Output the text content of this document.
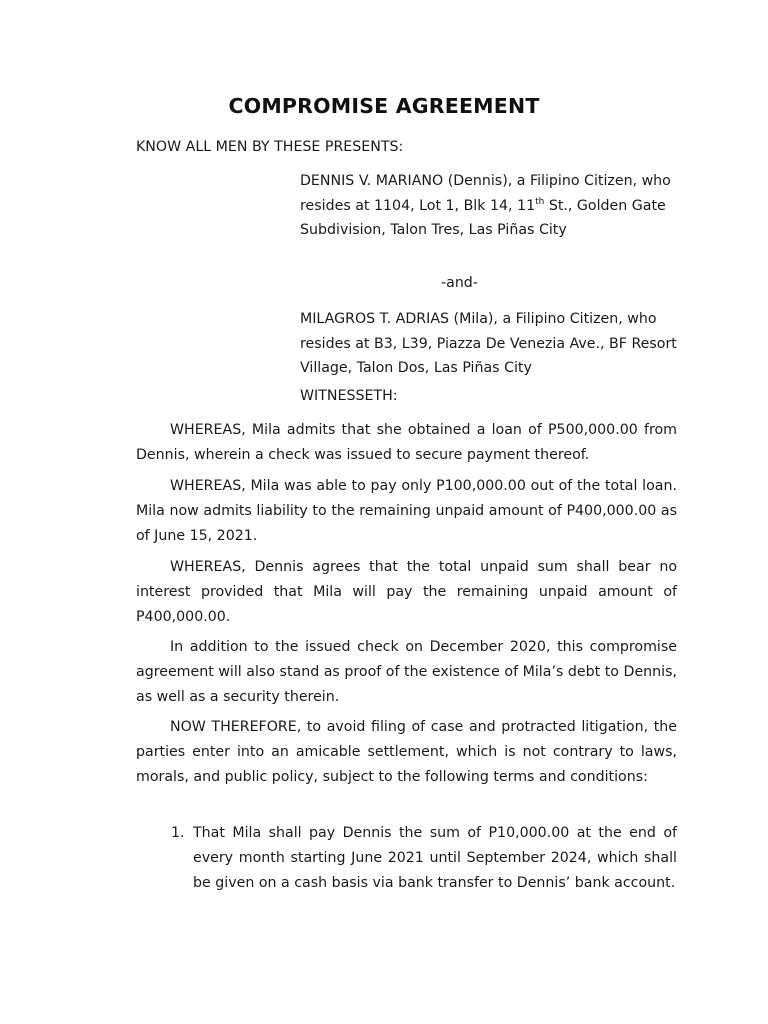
COMPROMISE AGREEMENT

KNOW ALL MEN BY THESE PRESENTS:

DENNIS V. MARIANO (Dennis), a Filipino Citizen, who resides at 1104, Lot 1, Blk 14, 11th St., Golden Gate Subdivision, Talon Tres, Las Piñas City

-and-

MILAGROS T. ADRIAS (Mila), a Filipino Citizen, who resides at B3, L39, Piazza De Venezia Ave., BF Resort Village, Talon Dos, Las Piñas City

WITNESSETH:

WHEREAS, Mila admits that she obtained a loan of P500,000.00 from Dennis, wherein a check was issued to secure payment thereof.

WHEREAS, Mila was able to pay only P100,000.00 out of the total loan. Mila now admits liability to the remaining unpaid amount of P400,000.00 as of June 15, 2021.

WHEREAS, Dennis agrees that the total unpaid sum shall bear no interest provided that Mila will pay the remaining unpaid amount of P400,000.00.

In addition to the issued check on December 2020, this compromise agreement will also stand as proof of the existence of Mila’s debt to Dennis, as well as a security therein.

NOW THEREFORE, to avoid filing of case and protracted litigation, the parties enter into an amicable settlement, which is not contrary to laws, morals, and public policy, subject to the following terms and conditions:

1. That Mila shall pay Dennis the sum of P10,000.00 at the end of every month starting June 2021 until September 2024, which shall be given on a cash basis via bank transfer to Dennis’ bank account.
